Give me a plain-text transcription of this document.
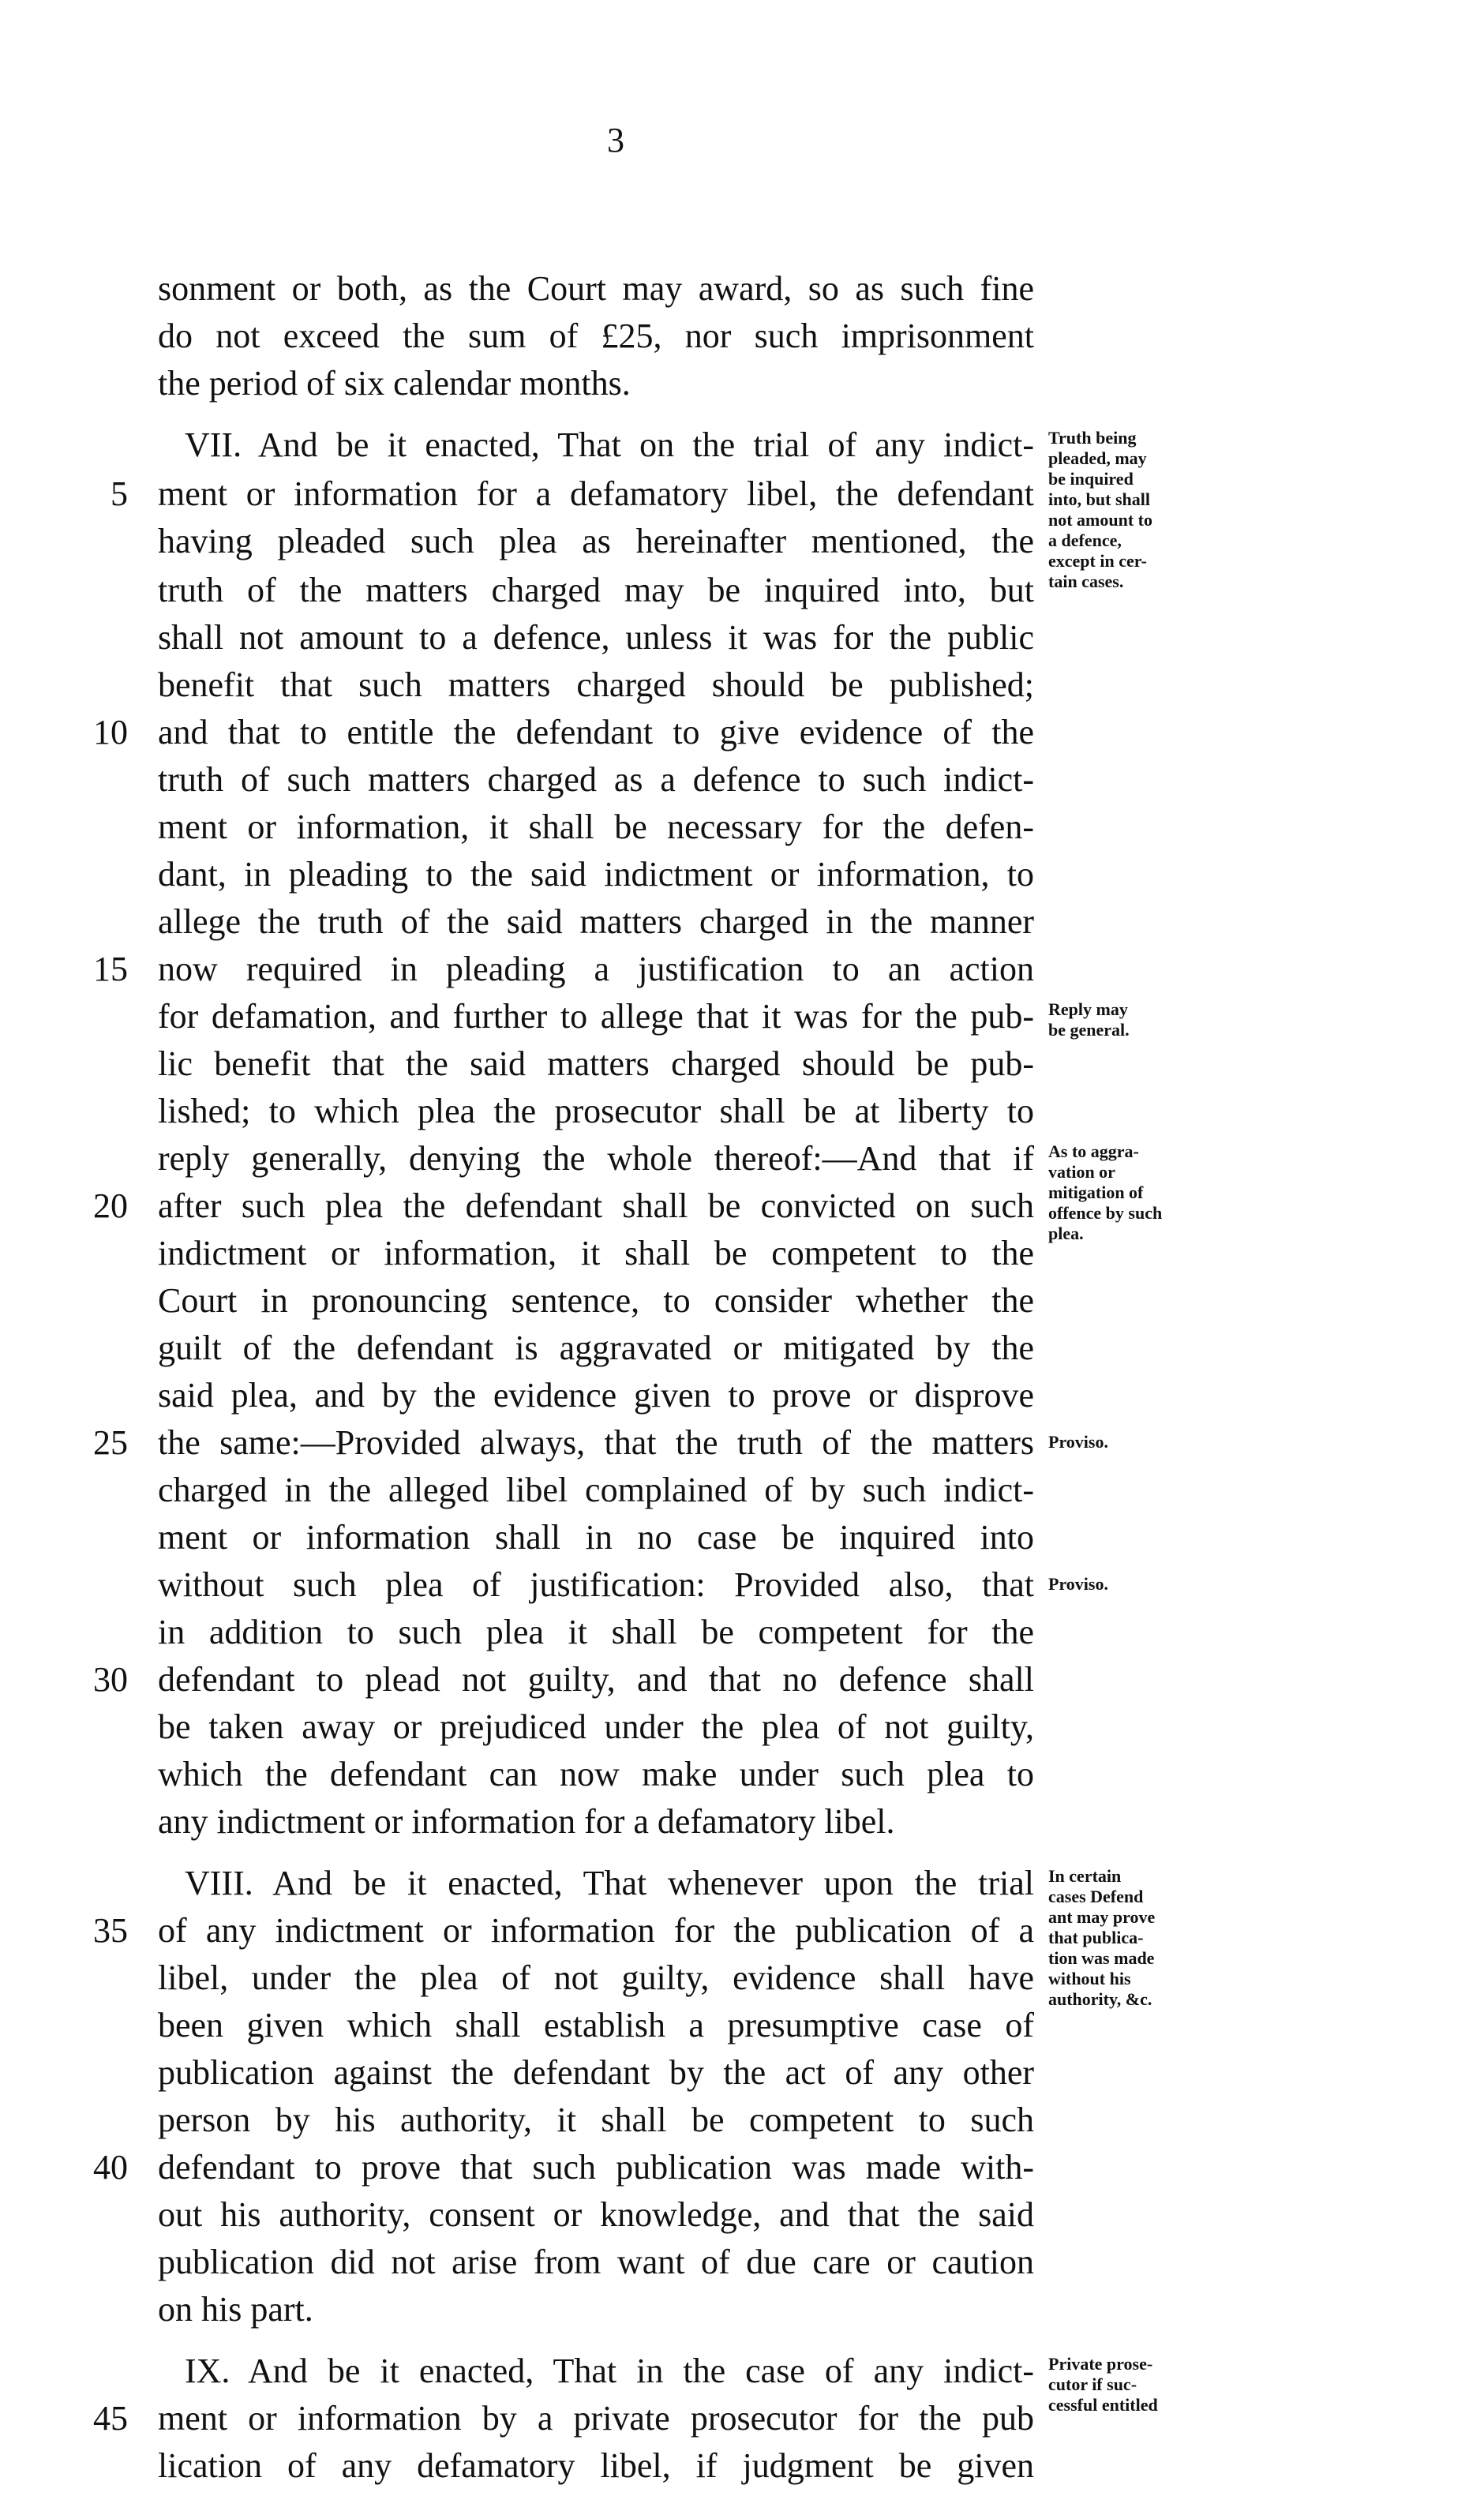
3
sonment or both, as the Court may award, so as such fine
do not exceed the sum of £25, nor such imprisonment
the period of six calendar months.
VII. And be it enacted, That on the trial of any indict-
ment or information for a defamatory libel, the defendant
5
having pleaded such plea as hereinafter mentioned, the
truth of the matters charged may be inquired into, but
shall not amount to a defence, unless it was for the public
benefit that such matters charged should be published;
and that to entitle the defendant to give evidence of the
10
truth of such matters charged as a defence to such indict-
ment or information, it shall be necessary for the defen-
dant, in pleading to the said indictment or information, to
allege the truth of the said matters charged in the manner
now required in pleading a justification to an action
15
for defamation, and further to allege that it was for the pub-
lic benefit that the said matters charged should be pub-
lished; to which plea the prosecutor shall be at liberty to
reply generally, denying the whole thereof:—And that if
after such plea the defendant shall be convicted on such
20
indictment or information, it shall be competent to the
Court in pronouncing sentence, to consider whether the
guilt of the defendant is aggravated or mitigated by the
said plea, and by the evidence given to prove or disprove
the same:—Provided always, that the truth of the matters
25
charged in the alleged libel complained of by such indict-
ment or information shall in no case be inquired into
without such plea of justification: Provided also, that
in addition to such plea it shall be competent for the
defendant to plead not guilty, and that no defence shall
30
be taken away or prejudiced under the plea of not guilty,
which the defendant can now make under such plea to
any indictment or information for a defamatory libel.
VIII. And be it enacted, That whenever upon the trial
of any indictment or information for the publication of a
35
libel, under the plea of not guilty, evidence shall have
been given which shall establish a presumptive case of
publication against the defendant by the act of any other
person by his authority, it shall be competent to such
defendant to prove that such publication was made with-
40
out his authority, consent or knowledge, and that the said
publication did not arise from want of due care or caution
on his part.
IX. And be it enacted, That in the case of any indict-
ment or information by a private prosecutor for the pub
45
lication of any defamatory libel, if judgment be given
Truth being
pleaded, may
be inquired
into, but shall
not amount to
a defence,
except in cer-
tain cases.
Reply may
be general.
As to aggra-
vation or
mitigation of
offence by such
plea.
Proviso.
Proviso.
In certain
cases Defend
ant may prove
that publica-
tion was made
without his
authority, &c.
Private prose-
cutor if suc-
cessful entitled
